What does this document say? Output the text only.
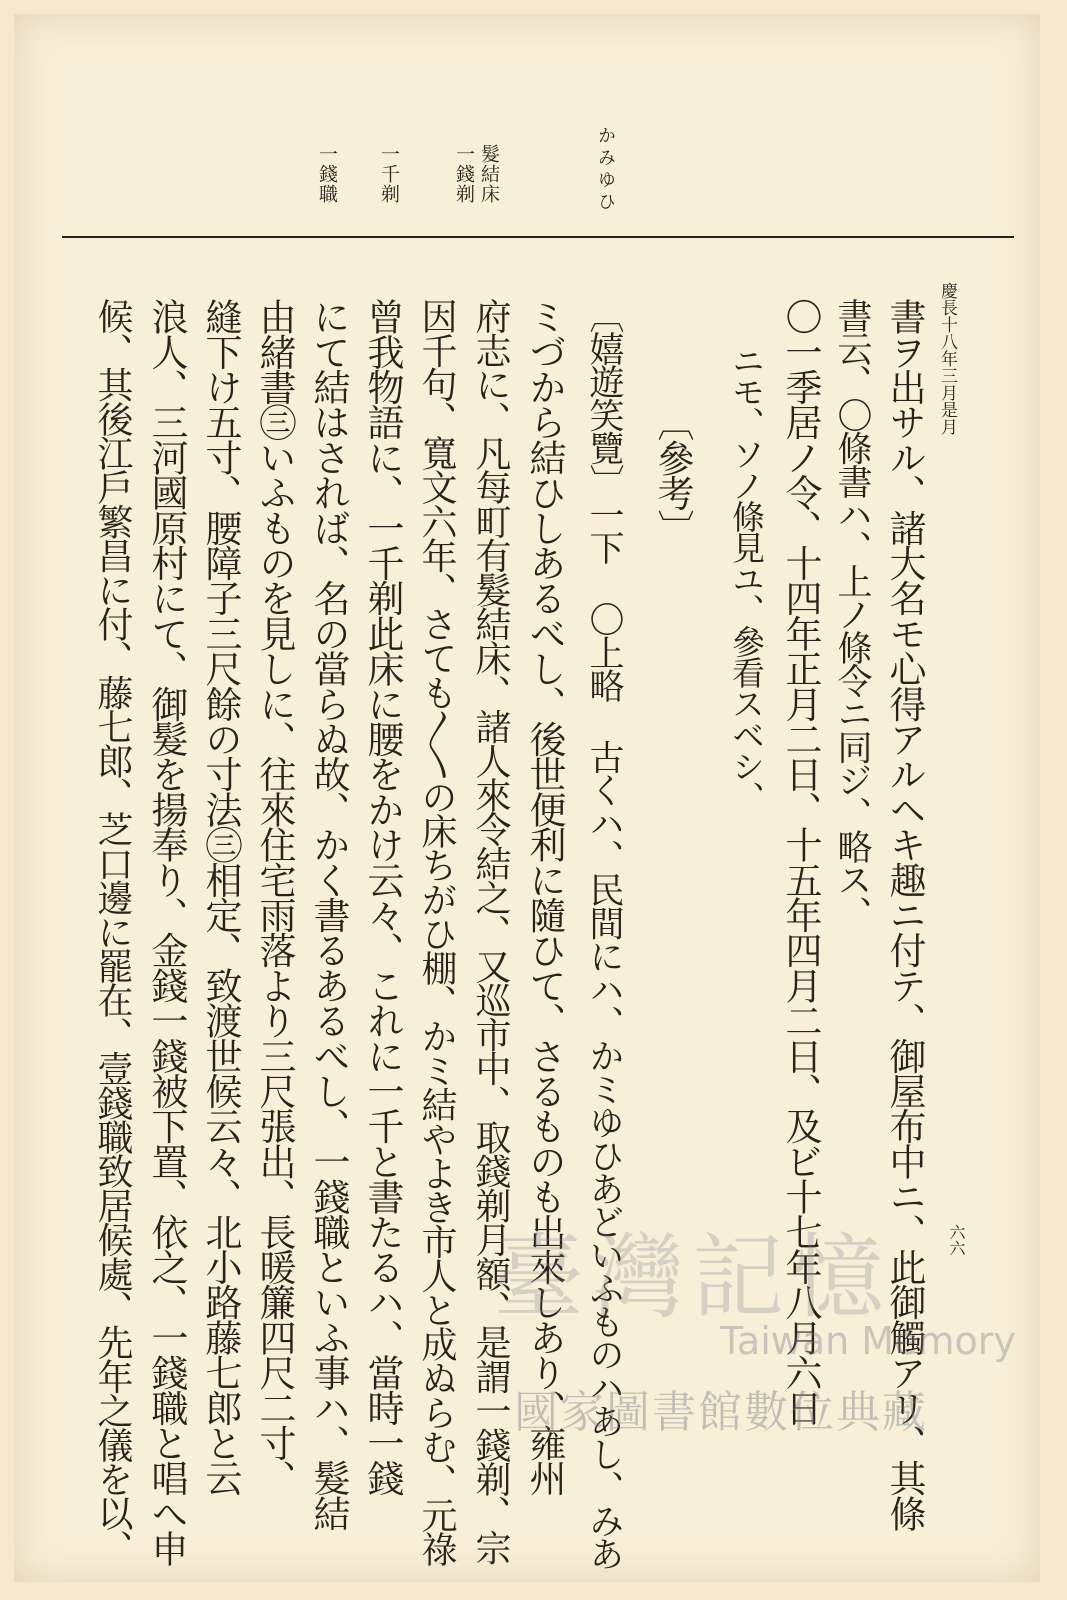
慶長十八年三月是月
六六
かみゆひ
髮結床
一錢剃
一千剃
一錢職
書ヲ出サル、諸大名モ心得アルヘキ趣ニ付テ、御屋布中ニ、此御觸アリ、其條
書云、〇條書ハ、上ノ條令ニ同ジ、略ス、
〇一季居ノ令、十四年正月二日、十五年四月二日、及ビ十七年八月六日
ニモ、ソノ條見ユ、參看スベシ、
〔參考〕
〔嬉遊笑覽〕一下 〇上略 古くハ、民間にハ、かミゆひあどいふものハあし、みあ
ミづから結ひしあるべし、後世便利に隨ひて、さるものも出來しあり、雍州
府志に、凡每町有髮結床、諸人來令結之、又巡市中、取錢剃月額、是謂一錢剃、宗
因千句、寬文六年、さても〳〵の床ちがひ棚、かミ結やよき市人と成ぬらむ、元祿
曾我物語に、一千剃此床に腰をかけ云々、これに一千と書たるハ、當時一錢
にて結はされば、名の當らぬ故、かく書るあるべし、一錢職といふ事ハ、髮結
由緒書㊂いふものを見しに、往來住宅雨落より三尺張出、長暖簾四尺二寸、
縫下け五寸、腰障子三尺餘の寸法㊂相定、致渡世候云々、北小路藤七郎と云
浪人、三河國原村にて、御髮を揚奉り、金錢一錢被下置、依之、一錢職と唱へ申
候、其後江戶繁昌に付、藤七郎、芝口邊に罷在、壹錢職致居候處、先年之儀を以、	臺灣記憶
Taiwan Memory
國家圖書館數位典藏
